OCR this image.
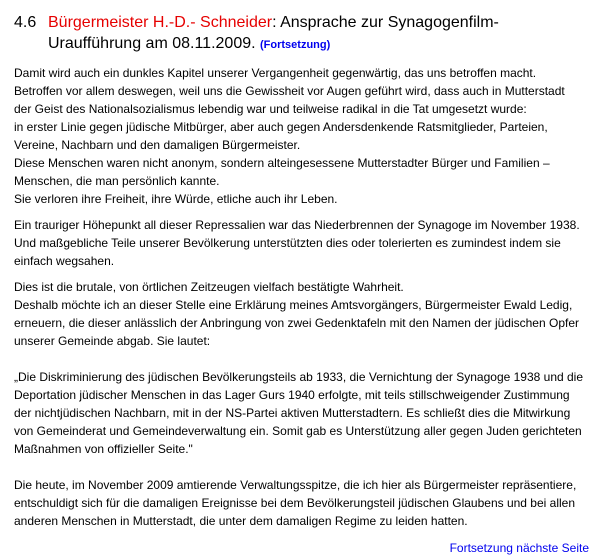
4.6 Bürgermeister H.-D.- Schneider: Ansprache zur Synagogenfilm-
Uraufführung am 08.11.2009. (Fortsetzung)

Damit wird auch ein dunkles Kapitel unserer Vergangenheit gegenwärtig, das uns betroffen macht.
Betroffen vor allem deswegen, weil uns die Gewissheit vor Augen geführt wird, dass auch in Mutterstadt
der Geist des Nationalsozialismus lebendig war und teilweise radikal in die Tat umgesetzt wurde:
in erster Linie gegen jüdische Mitbürger, aber auch gegen Andersdenkende Ratsmitglieder, Parteien,
Vereine, Nachbarn und den damaligen Bürgermeister.
Diese Menschen waren nicht anonym, sondern alteingesessene Mutterstadter Bürger und Familien –
Menschen, die man persönlich kannte.
Sie verloren ihre Freiheit, ihre Würde, etliche auch ihr Leben.

Ein trauriger Höhepunkt all dieser Repressalien war das Niederbrennen der Synagoge im November 1938.
Und maßgebliche Teile unserer Bevölkerung unterstützten dies oder tolerierten es zumindest indem sie
einfach wegsahen.

Dies ist die brutale, von örtlichen Zeitzeugen vielfach bestätigte Wahrheit.
Deshalb möchte ich an dieser Stelle eine Erklärung meines Amtsvorgängers, Bürgermeister Ewald Ledig,
erneuern, die dieser anlässlich der Anbringung von zwei Gedenktafeln mit den Namen der jüdischen Opfer
unserer Gemeinde abgab. Sie lautet:

„Die Diskriminierung des jüdischen Bevölkerungsteils ab 1933, die Vernichtung der Synagoge 1938 und die
Deportation jüdischer Menschen in das Lager Gurs 1940 erfolgte, mit teils stillschweigender Zustimmung
der nichtjüdischen Nachbarn, mit in der NS-Partei aktiven Mutterstadtern. Es schließt dies die Mitwirkung
von Gemeinderat und Gemeindeverwaltung ein. Somit gab es Unterstützung aller gegen Juden gerichteten
Maßnahmen von offizieller Seite."

Die heute, im November 2009 amtierende Verwaltungsspitze, die ich hier als Bürgermeister repräsentiere,
entschuldigt sich für die damaligen Ereignisse bei dem Bevölkerungsteil jüdischen Glaubens und bei allen
anderen Menschen in Mutterstadt, die unter dem damaligen Regime zu leiden hatten.

Fortsetzung nächste Seite
